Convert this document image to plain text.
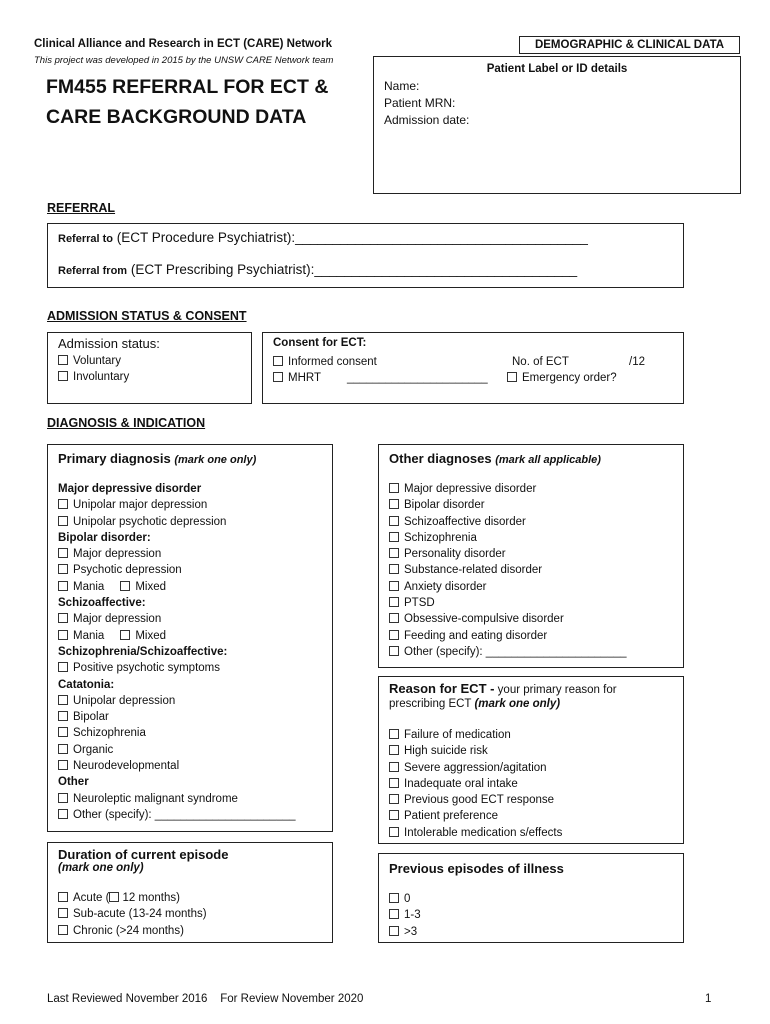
Clinical Alliance and Research in ECT (CARE) Network
This project was developed in 2015 by the UNSW CARE Network team
FM455 REFERRAL FOR ECT &
CARE BACKGROUND DATA
DEMOGRAPHIC & CLINICAL DATA
Patient Label or ID details
Name:
Patient MRN:
Admission date:
REFERRAL
Referral to (ECT Procedure Psychiatrist):_______________________________________
Referral from (ECT Prescribing Psychiatrist):___________________________________
ADMISSION STATUS & CONSENT
Admission status:
Voluntary
Involuntary
Consent for ECT:
Informed consent	No. of ECT	/12
MHRT ______________________	Emergency order?
DIAGNOSIS & INDICATION
Primary diagnosis (mark one only)
Major depressive disorder
Unipolar major depression
Unipolar psychotic depression
Bipolar disorder:
Major depression
Psychotic depression
Mania	Mixed
Schizoaffective:
Major depression
Mania	Mixed
Schizophrenia/Schizoaffective:
Positive psychotic symptoms
Catatonia:
Unipolar depression
Bipolar
Schizophrenia
Organic
Neurodevelopmental
Other
Neuroleptic malignant syndrome
Other (specify): ______________________
Other diagnoses (mark all applicable)
Major depressive disorder
Bipolar disorder
Schizoaffective disorder
Schizophrenia
Personality disorder
Substance-related disorder
Anxiety disorder
PTSD
Obsessive-compulsive disorder
Feeding and eating disorder
Other (specify): ______________________
Reason for ECT - your primary reason for
prescribing ECT (mark one only)
Failure of medication
High suicide risk
Severe aggression/agitation
Inadequate oral intake
Previous good ECT response
Patient preference
Intolerable medication s/effects
Duration of current episode
(mark one only)
Acute ( 12 months)
Sub-acute (13-24 months)
Chronic (>24 months)
Previous episodes of illness
0
1-3
>3
Last Reviewed November 2016 For Review November 2020	1
